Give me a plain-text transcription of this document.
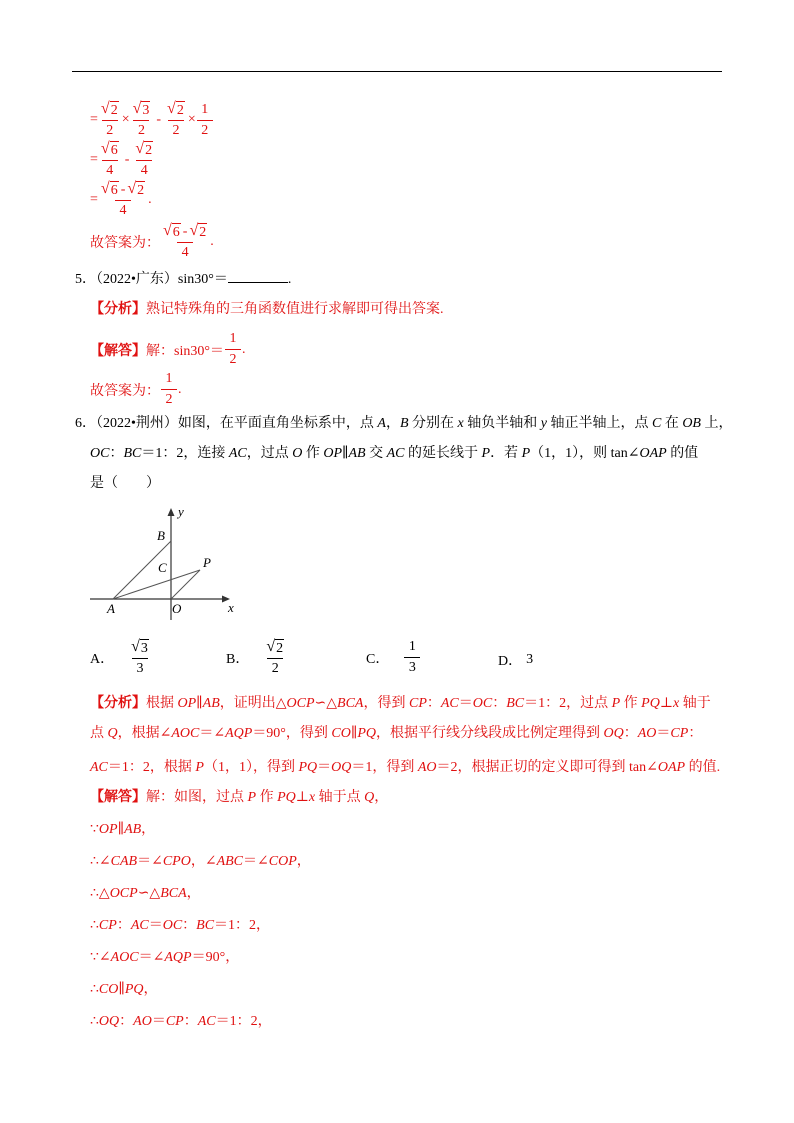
= $\frac{√ 2}{2} \times \frac{√ 3}{2} - \frac{√ 2}{2} \times \frac{1}{2}$
= $\frac{√ 6}{4} - \frac{√ 2}{4}$
= $\frac{√ 6 - √ 2}{4}$ .
故答案为： $\frac{√ 6 - √ 2}{4}$ .
5．（2022•广东）sin30°＝	.
【分析】熟记特殊角的三角函数值进行求解即可得出答案.
【解答】 解：$\sin 30^\circ= \frac{1}{2}$ .
故答案为： $\frac{1}{2}$ .
6．（2022•荆州）如图，在平面直角坐标系中，点 A，B 分别在 x 轴负半轴和 y 轴正半轴上，点 C 在 OB 上，
OC：BC＝1：2，连接 AC，过点 O 作 OP∥AB 交 AC 的延长线于 P．若 P（1，1），则 tan∠OAP 的值
是（　　）
y
x
B
P
C
A	O
A． $\frac{√ 3}{3}$	B． $\frac{√ 2}{2}$	C． $\frac{1}{3}$	D． 3
【分析】根据 OP∥AB，证明出△OCP∽△BCA，得到 CP：AC＝OC：BC＝1：2，过点 P 作 PQ⊥x 轴于
点 Q，根据∠AOC＝∠AQP＝90°，得到 CO∥PQ，根据平行线分线段成比例定理得到 OQ：AO＝CP：
AC＝1：2，根据 P（1，1），得到 PQ＝OQ＝1，得到 AO＝2，根据正切的定义即可得到 tan∠OAP 的值.
【解答】解：如图，过点 P 作 PQ⊥x 轴于点 Q，
∵OP∥AB，
∴∠CAB＝∠CPO，∠ABC＝∠COP，
∴△OCP∽△BCA，
∴CP：AC＝OC：BC＝1：2，
∵∠AOC＝∠AQP＝90°，
∴CO∥PQ，
∴OQ：AO＝CP：AC＝1：2，
